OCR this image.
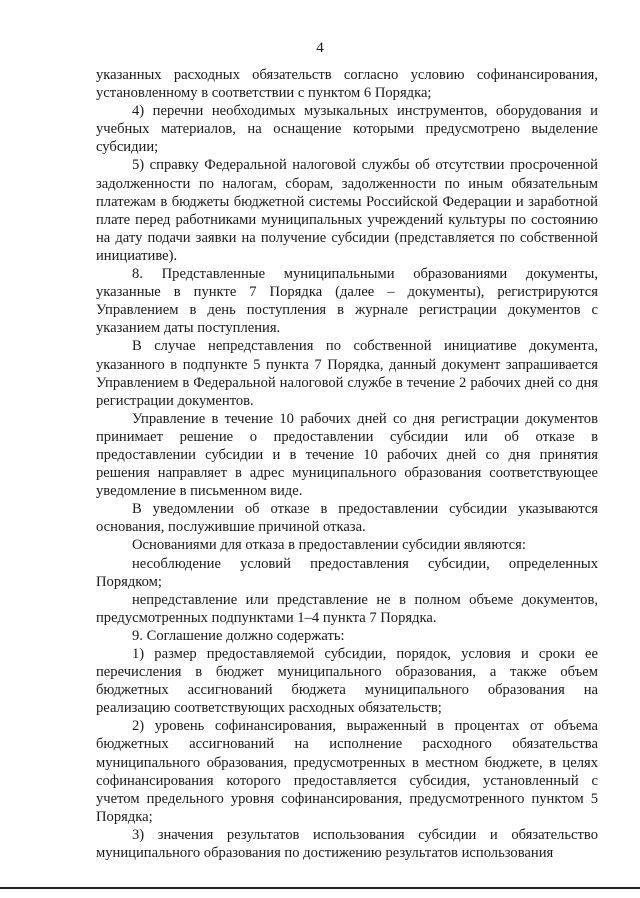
4

указанных расходных обязательств согласно условию софинансирования, установленному в соответствии с пунктом 6 Порядка;

4) перечни необходимых музыкальных инструментов, оборудования и учебных материалов, на оснащение которыми предусмотрено выделение субсидии;

5) справку Федеральной налоговой службы об отсутствии просроченной задолженности по налогам, сборам, задолженности по иным обязательным платежам в бюджеты бюджетной системы Российской Федерации и заработной плате перед работниками муниципальных учреждений культуры по состоянию на дату подачи заявки на получение субсидии (представляется по собственной инициативе).

8. Представленные муниципальными образованиями документы, указанные в пункте 7 Порядка (далее – документы), регистрируются Управлением в день поступления в журнале регистрации документов с указанием даты поступления.

В случае непредставления по собственной инициативе документа, указанного в подпункте 5 пункта 7 Порядка, данный документ запрашивается Управлением в Федеральной налоговой службе в течение 2 рабочих дней со дня регистрации документов.

Управление в течение 10 рабочих дней со дня регистрации документов принимает решение о предоставлении субсидии или об отказе в предоставлении субсидии и в течение 10 рабочих дней со дня принятия решения направляет в адрес муниципального образования соответствующее уведомление в письменном виде.

В уведомлении об отказе в предоставлении субсидии указываются основания, послужившие причиной отказа.

Основаниями для отказа в предоставлении субсидии являются:

несоблюдение условий предоставления субсидии, определенных Порядком;

непредставление или представление не в полном объеме документов, предусмотренных подпунктами 1–4 пункта 7 Порядка.

9. Соглашение должно содержать:

1) размер предоставляемой субсидии, порядок, условия и сроки ее перечисления в бюджет муниципального образования, а также объем бюджетных ассигнований бюджета муниципального образования на реализацию соответствующих расходных обязательств;

2) уровень софинансирования, выраженный в процентах от объема бюджетных ассигнований на исполнение расходного обязательства муниципального образования, предусмотренных в местном бюджете, в целях софинансирования которого предоставляется субсидия, установленный с учетом предельного уровня софинансирования, предусмотренного пунктом 5 Порядка;

3) значения результатов использования субсидии и обязательство муниципального образования по достижению результатов использования
